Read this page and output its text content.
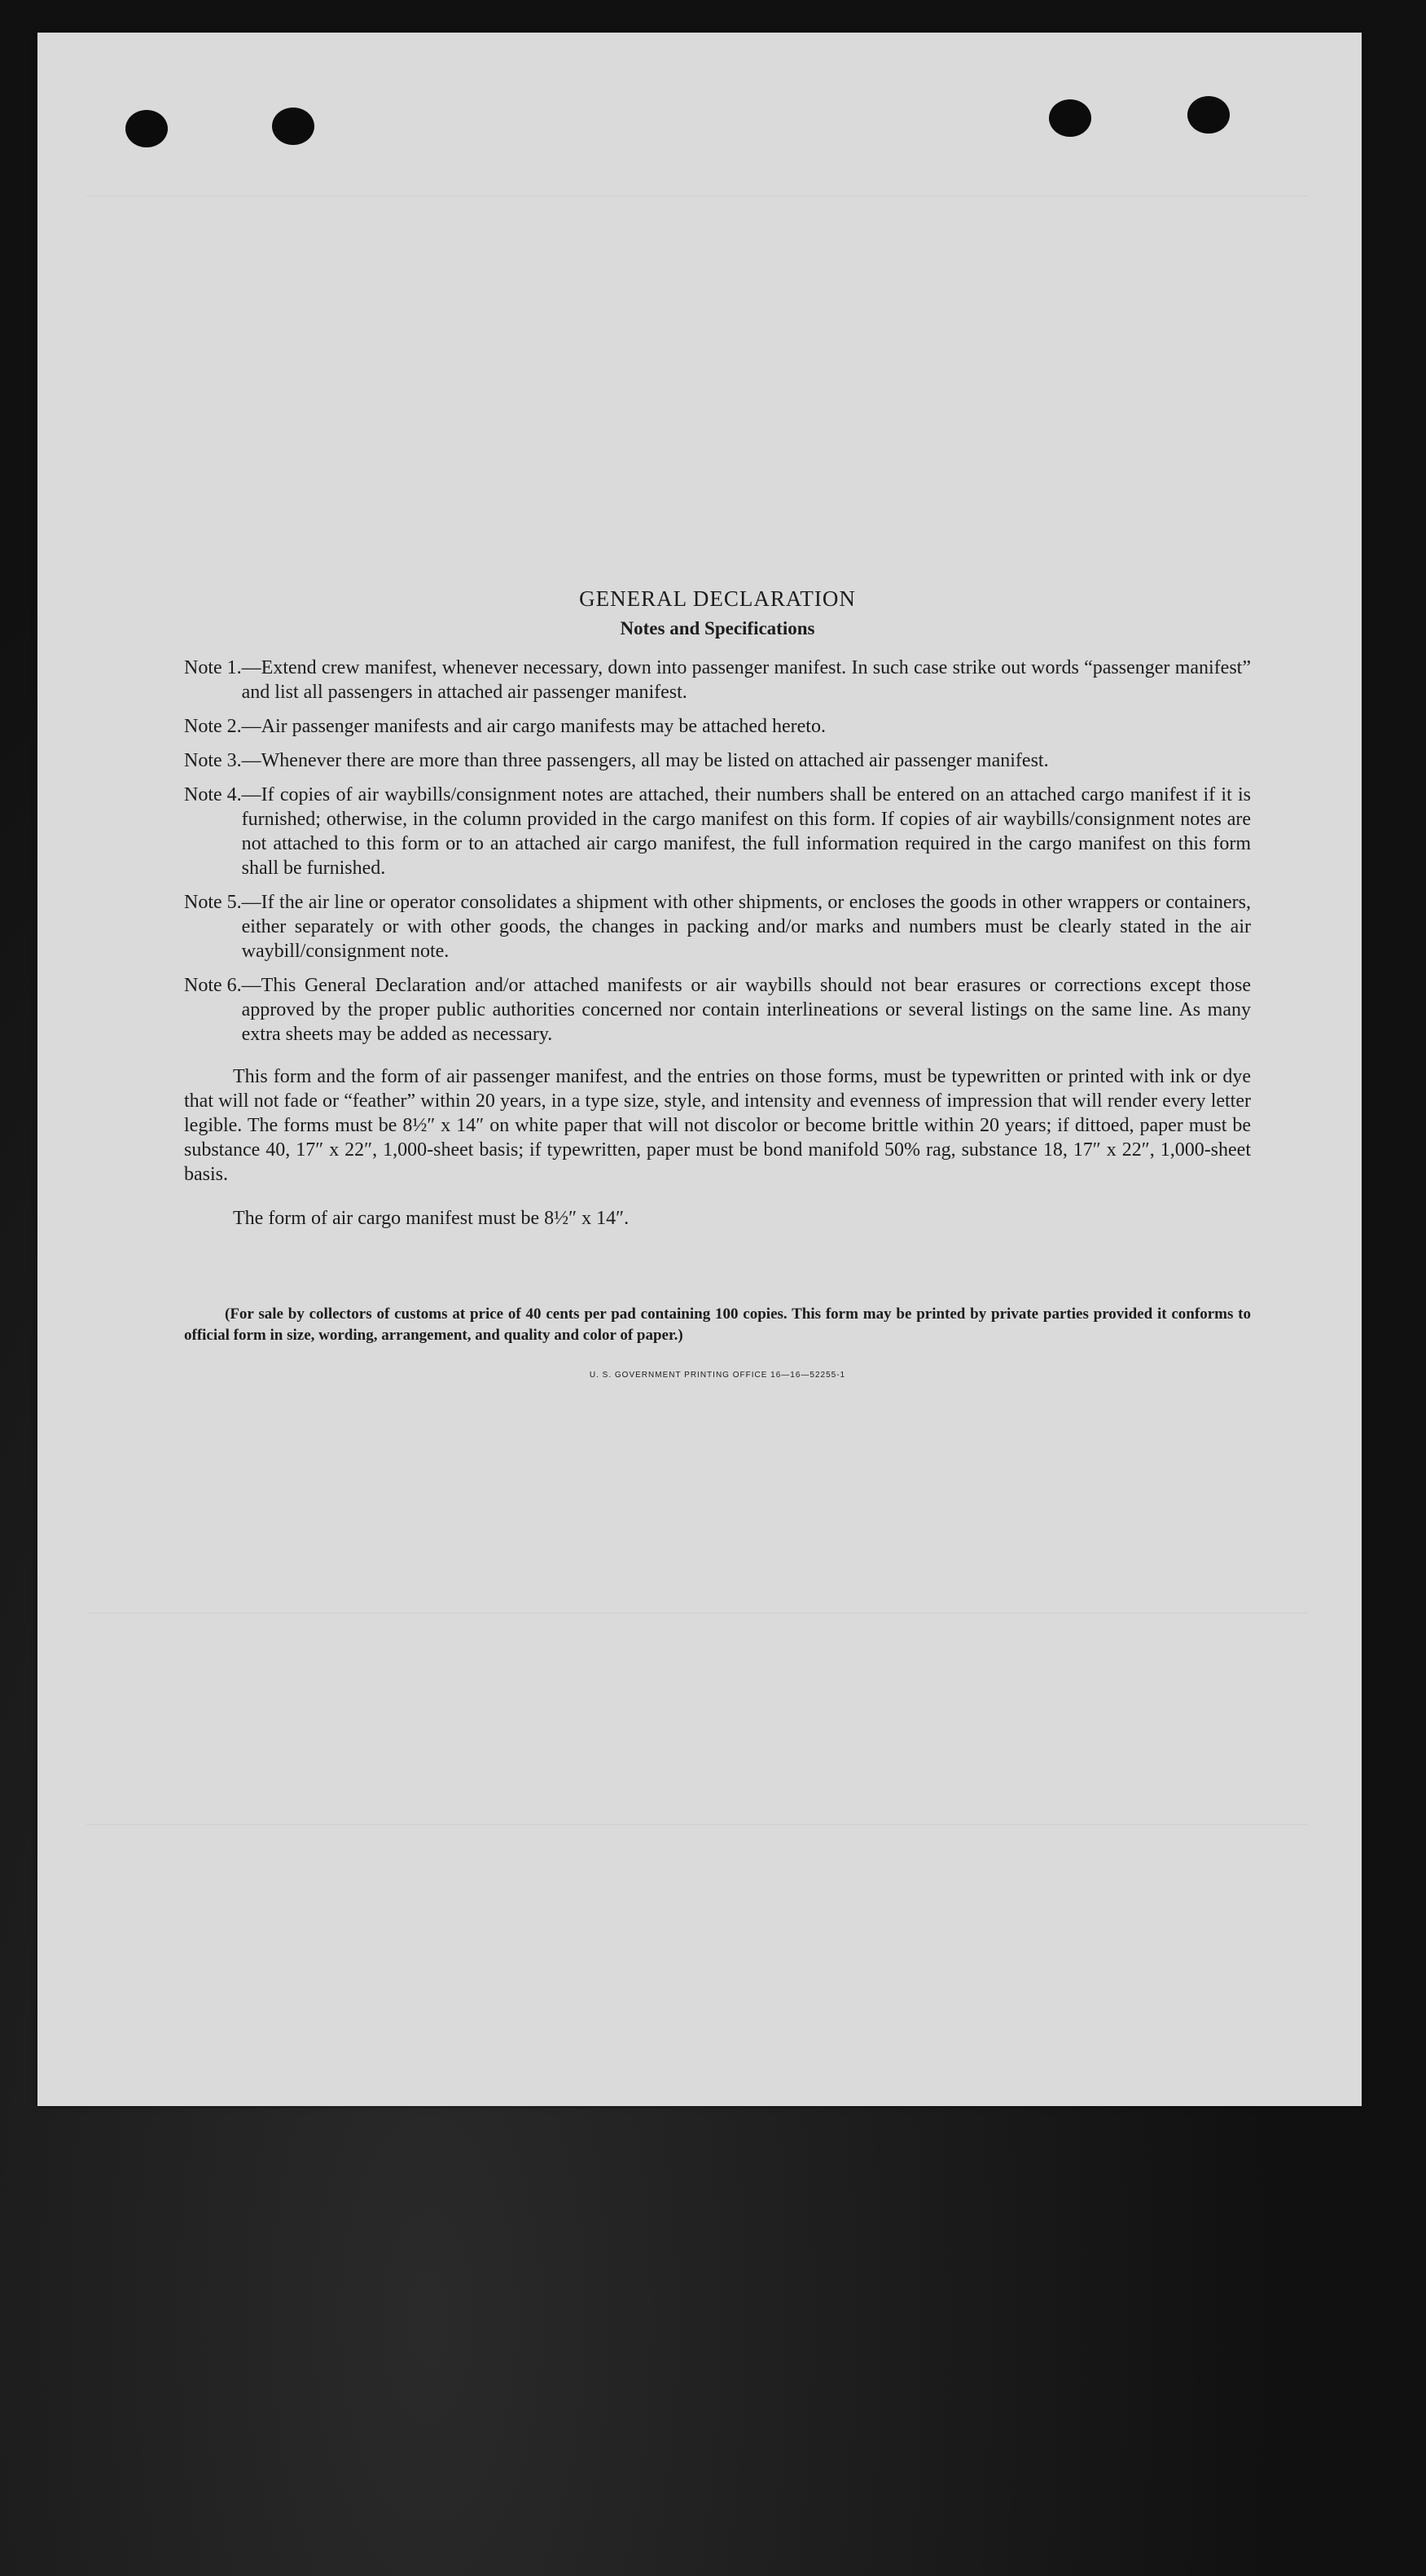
GENERAL DECLARATION
Notes and Specifications
Note 1. —Extend crew manifest, whenever necessary, down into passenger manifest. In such case strike out words “passenger manifest” and list all passengers in attached air passenger manifest.
Note 2. —Air passenger manifests and air cargo manifests may be attached hereto.
Note 3. —Whenever there are more than three passengers, all may be listed on attached air passenger manifest.
Note 4. —If copies of air waybills/consignment notes are attached, their numbers shall be entered on an attached cargo manifest if it is furnished; otherwise, in the column provided in the cargo manifest on this form. If copies of air waybills/consignment notes are not attached to this form or to an attached air cargo manifest, the full information required in the cargo manifest on this form shall be furnished.
Note 5. —If the air line or operator consolidates a shipment with other shipments, or encloses the goods in other wrappers or containers, either separately or with other goods, the changes in packing and/or marks and numbers must be clearly stated in the air waybill/consignment note.
Note 6. —This General Declaration and/or attached manifests or air waybills should not bear erasures or corrections except those approved by the proper public authorities concerned nor contain interlineations or several listings on the same line. As many extra sheets may be added as necessary.

This form and the form of air passenger manifest, and the entries on those forms, must be typewritten or printed with ink or dye that will not fade or “feather” within 20 years, in a type size, style, and intensity and evenness of impression that will render every letter legible. The forms must be 8½″ x 14″ on white paper that will not discolor or become brittle within 20 years; if dittoed, paper must be substance 40, 17″ x 22″, 1,000-sheet basis; if typewritten, paper must be bond manifold 50% rag, substance 18, 17″ x 22″, 1,000-sheet basis.

The form of air cargo manifest must be 8½″ x 14″.

(For sale by collectors of customs at price of 40 cents per pad containing 100 copies. This form may be printed by private parties provided it conforms to official form in size, wording, arrangement, and quality and color of paper.)
U. S. GOVERNMENT PRINTING OFFICE 16—16—52255-1
